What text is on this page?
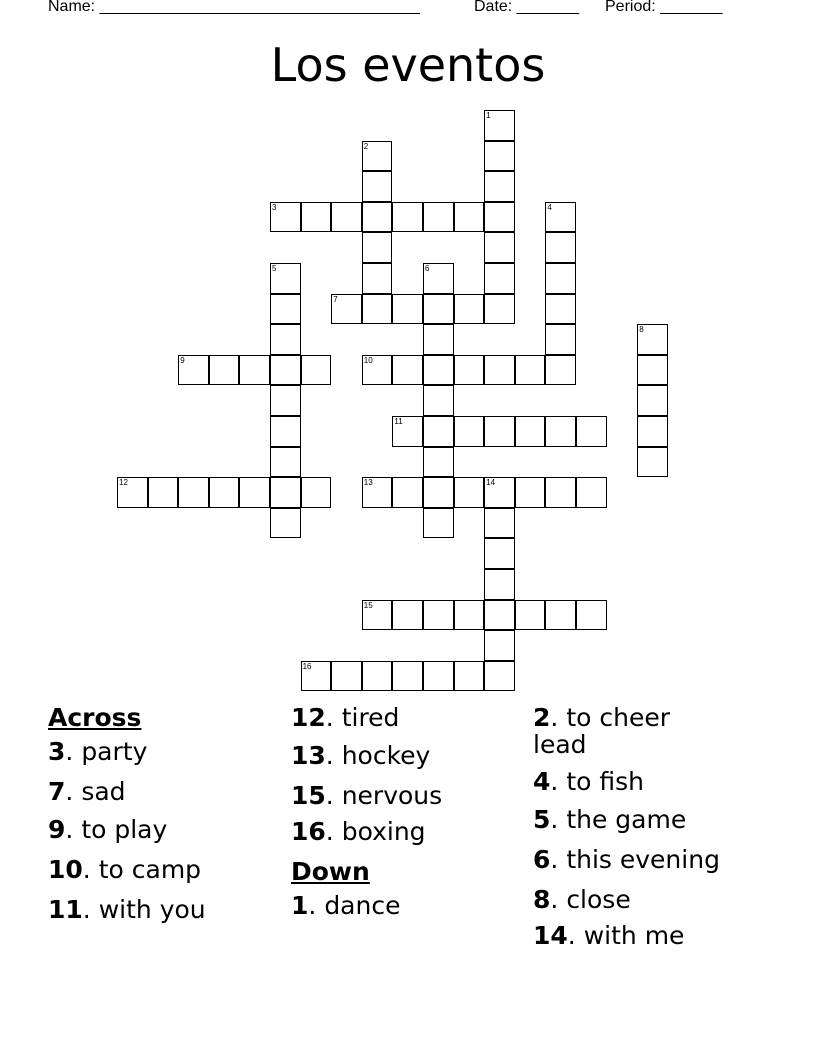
Name: ____________________________________	Date: _______ Period: _______
Los eventos
1
2
3	4
5	6
7
8
9	10
11
12	13	14
15
16
Across
3. party
7. sad
9. to play
10. to camp
11. with you
12. tired
13. hockey
15. nervous
16. boxing
Down
1. dance
2. to cheer
lead
4. to fish
5. the game
6. this evening
8. close
14. with me
